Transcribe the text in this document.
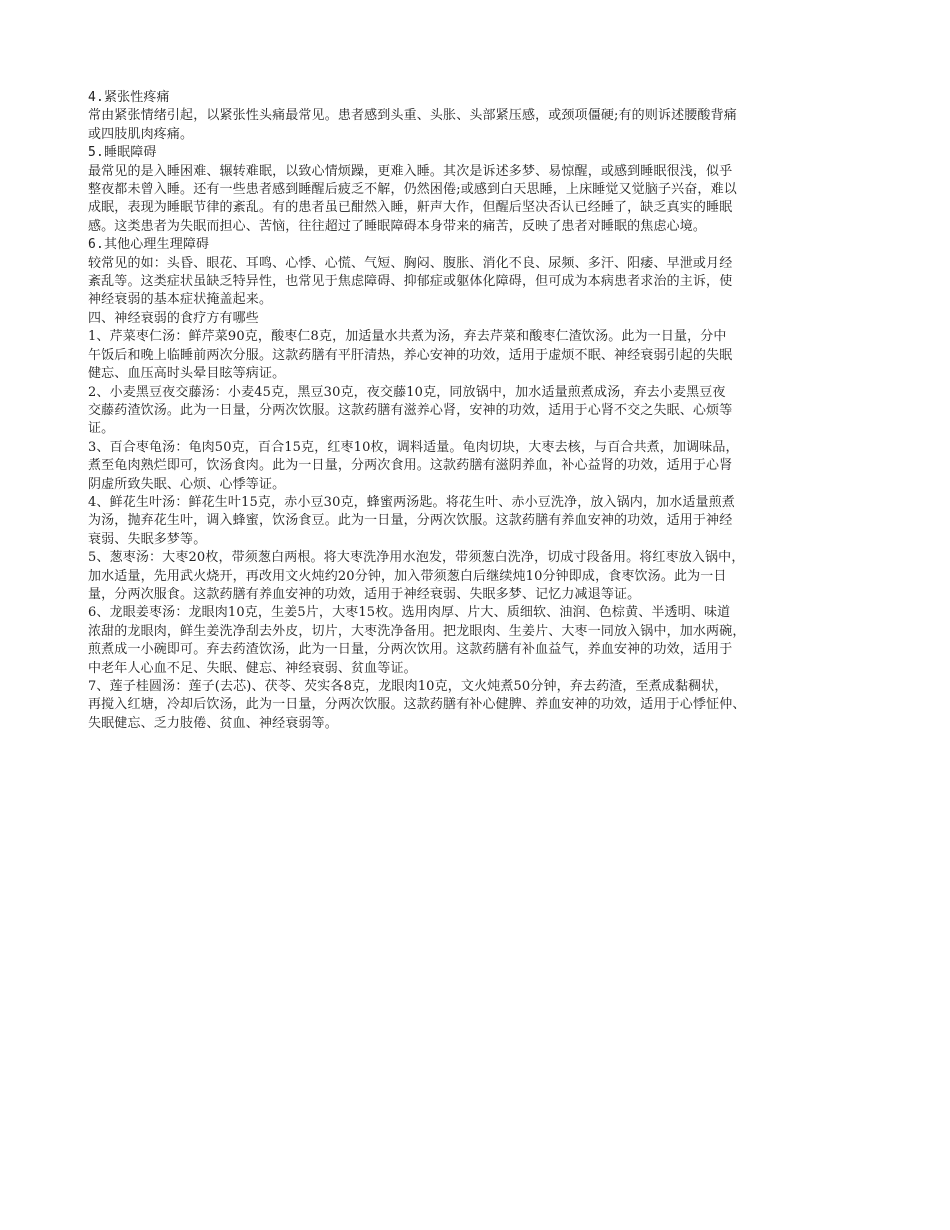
4.紧张性疼痛

常由紧张情绪引起，以紧张性头痛最常见。患者感到头重、头胀、头部紧压感，或颈项僵硬;有的则诉述腰酸背痛

或四肢肌肉疼痛。

5.睡眠障碍

最常见的是入睡困难、辗转难眠，以致心情烦躁，更难入睡。其次是诉述多梦、易惊醒，或感到睡眠很浅，似乎

整夜都未曾入睡。还有一些患者感到睡醒后疲乏不解，仍然困倦;或感到白天思睡，上床睡觉又觉脑子兴奋，难以

成眠，表现为睡眠节律的紊乱。有的患者虽已酣然入睡，鼾声大作，但醒后坚决否认已经睡了，缺乏真实的睡眠

感。这类患者为失眠而担心、苦恼，往往超过了睡眠障碍本身带来的痛苦，反映了患者对睡眠的焦虑心境。

6.其他心理生理障碍

较常见的如：头昏、眼花、耳鸣、心悸、心慌、气短、胸闷、腹胀、消化不良、尿频、多汗、阳痿、早泄或月经

紊乱等。这类症状虽缺乏特异性，也常见于焦虑障碍、抑郁症或躯体化障碍，但可成为本病患者求治的主诉，使

神经衰弱的基本症状掩盖起来。

四、神经衰弱的食疗方有哪些

1、芹菜枣仁汤：鲜芹菜90克，酸枣仁8克，加适量水共煮为汤，弃去芹菜和酸枣仁渣饮汤。此为一日量，分中

午饭后和晚上临睡前两次分服。这款药膳有平肝清热，养心安神的功效，适用于虚烦不眠、神经衰弱引起的失眠

健忘、血压高时头晕目眩等病证。

2、小麦黑豆夜交藤汤：小麦45克，黑豆30克，夜交藤10克，同放锅中，加水适量煎煮成汤，弃去小麦黑豆夜

交藤药渣饮汤。此为一日量，分两次饮服。这款药膳有滋养心肾，安神的功效，适用于心肾不交之失眠、心烦等

证。

3、百合枣龟汤：龟肉50克，百合15克，红枣10枚，调料适量。龟肉切块，大枣去核，与百合共煮，加调味品，

煮至龟肉熟烂即可，饮汤食肉。此为一日量，分两次食用。这款药膳有滋阴养血，补心益肾的功效，适用于心肾

阴虚所致失眠、心烦、心悸等证。

4、鲜花生叶汤：鲜花生叶15克，赤小豆30克，蜂蜜两汤匙。将花生叶、赤小豆洗净，放入锅内，加水适量煎煮

为汤，抛弃花生叶，调入蜂蜜，饮汤食豆。此为一日量，分两次饮服。这款药膳有养血安神的功效，适用于神经

衰弱、失眠多梦等。

5、葱枣汤：大枣20枚，带须葱白两根。将大枣洗净用水泡发，带须葱白洗净，切成寸段备用。将红枣放入锅中，

加水适量，先用武火烧开，再改用文火炖约20分钟，加入带须葱白后继续炖10分钟即成，食枣饮汤。此为一日

量，分两次服食。这款药膳有养血安神的功效，适用于神经衰弱、失眠多梦、记忆力减退等证。

6、龙眼姜枣汤：龙眼肉10克，生姜5片，大枣15枚。选用肉厚、片大、质细软、油润、色棕黄、半透明、味道

浓甜的龙眼肉，鲜生姜洗净刮去外皮，切片，大枣洗净备用。把龙眼肉、生姜片、大枣一同放入锅中，加水两碗，

煎煮成一小碗即可。弃去药渣饮汤，此为一日量，分两次饮用。这款药膳有补血益气，养血安神的功效，适用于

中老年人心血不足、失眠、健忘、神经衰弱、贫血等证。

7、莲子桂圆汤：莲子(去芯)、茯苓、芡实各8克，龙眼肉10克，文火炖煮50分钟，弃去药渣，至煮成黏稠状，

再搅入红塘，冷却后饮汤，此为一日量，分两次饮服。这款药膳有补心健脾、养血安神的功效，适用于心悸怔仲、

失眠健忘、乏力肢倦、贫血、神经衰弱等。
